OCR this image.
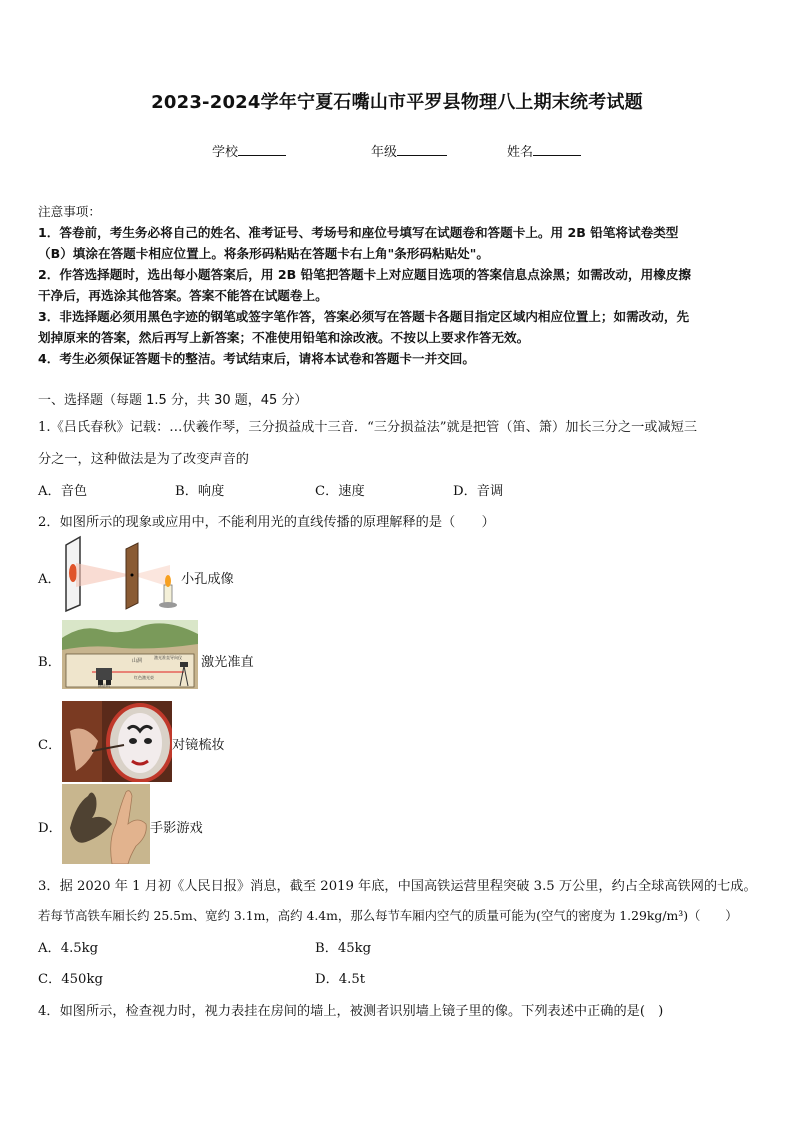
2023-2024学年宁夏石嘴山市平罗县物理八上期末统考试题
学校	年级	姓名
注意事项：
1．答卷前，考生务必将自己的姓名、准考证号、考场号和座位号填写在试题卷和答题卡上。用 2B 铅笔将试卷类型
（B）填涂在答题卡相应位置上。将条形码粘贴在答题卡右上角"条形码粘贴处"。
2．作答选择题时，选出每小题答案后，用 2B 铅笔把答题卡上对应题目选项的答案信息点涂黑；如需改动，用橡皮擦
干净后，再选涂其他答案。答案不能答在试题卷上。
3．非选择题必须用黑色字迹的钢笔或签字笔作答，答案必须写在答题卡各题目指定区域内相应位置上；如需改动，先
划掉原来的答案，然后再写上新答案；不准使用铅笔和涂改液。不按以上要求作答无效。
4．考生必须保证答题卡的整洁。考试结束后，请将本试卷和答题卡一并交回。
一、选择题（每题 1.5 分，共 30 题，45 分）
1.《吕氏春秋》记载：…伏羲作琴，三分损益成十三音．“三分损益法”就是把管（笛、箫）加长三分之一或减短三
分之一，这种做法是为了改变声音的
A．音色	B．响度	C．速度	D．音调
2．如图所示的现象或应用中，不能利用光的直线传播的原理解释的是（　　）
A．	小孔成像
B．	山洞
激光准直导向仪
掘进机
红色激光束
激光准直
C．	对镜梳妆
D．	手影游戏
3．据 2020 年 1 月初《人民日报》消息，截至 2019 年底，中国高铁运营里程突破 3.5 万公里，约占全球高铁网的七成。
若每节高铁车厢长约 25.5m、宽约 3.1m，高约 4.4m，那么每节车厢内空气的质量可能为(空气的密度为 1.29kg/m³)（　　）
A．4.5kg	B．45kg
C．450kg	D．4.5t
4．如图所示，检查视力时，视力表挂在房间的墙上，被测者识别墙上镜子里的像。下列表述中正确的是(　)
